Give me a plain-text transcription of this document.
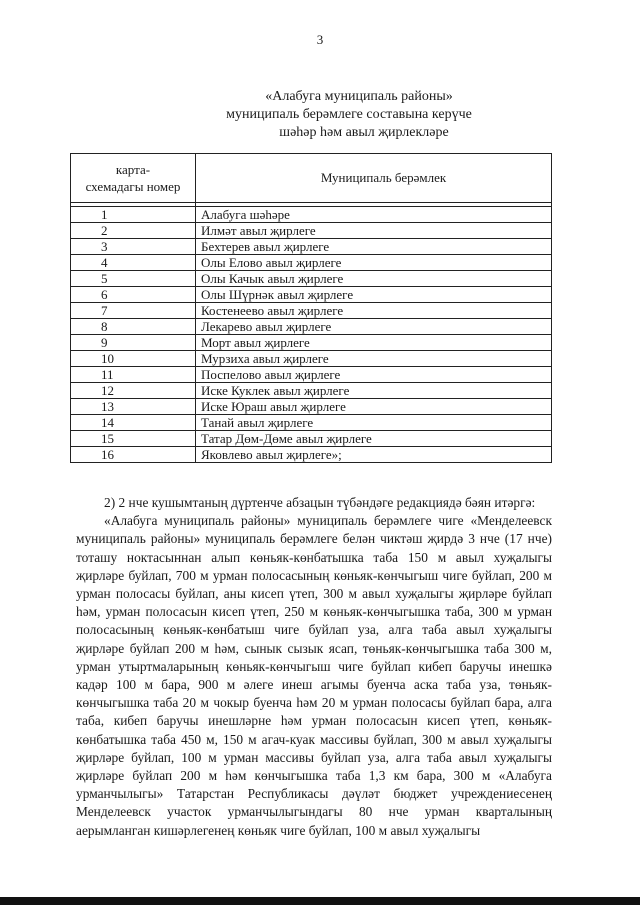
3
«Алабуга муниципаль районы»
муниципаль берәмлеге составына керүче
шәһәр һәм авыл җирлекләре
карта-
схемадагы номер	Муниципаль берәмлек

1	Алабуга шәһәре
2	Илмәт авыл җирлеге
3	Бехтерев авыл җирлеге
4	Олы Елово авыл җирлеге
5	Олы Качык авыл җирлеге
6	Олы Шүрнәк авыл җирлеге
7	Костенеево авыл җирлеге
8	Лекарево авыл җирлеге
9	Морт авыл җирлеге
10	Мурзиха авыл җирлеге
11	Поспелово авыл җирлеге
12	Иске Куклек авыл җирлеге
13	Иске Юраш авыл җирлеге
14	Танай авыл җирлеге
15	Татар Дөм-Дөме авыл җирлеге
16	Яковлево авыл җирлеге»;

2) 2 нче кушымтаның дүртенче абзацын түбәндәге редакциядә бәян итәргә:

«Алабуга муниципаль районы» муниципаль берәмлеге чиге «Менделеевск муниципаль районы» муниципаль берәмлеге белән чиктәш җирдә 3 нче (17 нче) тоташу ноктасыннан алып көньяк-көнбатышка таба 150 м авыл хуҗалыгы җирләре буйлап, 700 м урман полосасының көньяк-көнчыгыш чиге буйлап, 200 м урман полосасы буйлап, аны кисеп үтеп, 300 м авыл хуҗалыгы җирләре буйлап һәм, урман полосасын кисеп үтеп, 250 м көньяк-көнчыгышка таба, 300 м урман полосасының көньяк-көнбатыш чиге буйлап уза, алга таба авыл хуҗалыгы җирләре буйлап 200 м һәм, сынык сызык ясап, төньяк-көнчыгышка таба 300 м, урман утыртмаларының көньяк-көнчыгыш чиге буйлап кибеп баручы инешкә кадәр 100 м бара, 900 м әлеге инеш агымы буенча аска таба уза, төньяк-көнчыгышка таба 20 м чокыр буенча һәм 20 м урман полосасы буйлап бара, алга таба, кибеп баручы инешләрне һәм урман полосасын кисеп үтеп, көньяк-көнбатышка таба 450 м, 150 м агач-куак массивы буйлап, 300 м авыл хуҗалыгы җирләре буйлап, 100 м урман массивы буйлап уза, алга таба авыл хуҗалыгы җирләре буйлап 200 м һәм көнчыгышка таба 1,3 км бара, 300 м «Алабуга урманчылыгы» Татарстан Республикасы дәүләт бюджет учреждениесенең Менделеевск участок урманчылыгындагы 80 нче урман кварталының аерымланган кишәрлегенең көньяк чиге буйлап, 100 м авыл хуҗалыгы
